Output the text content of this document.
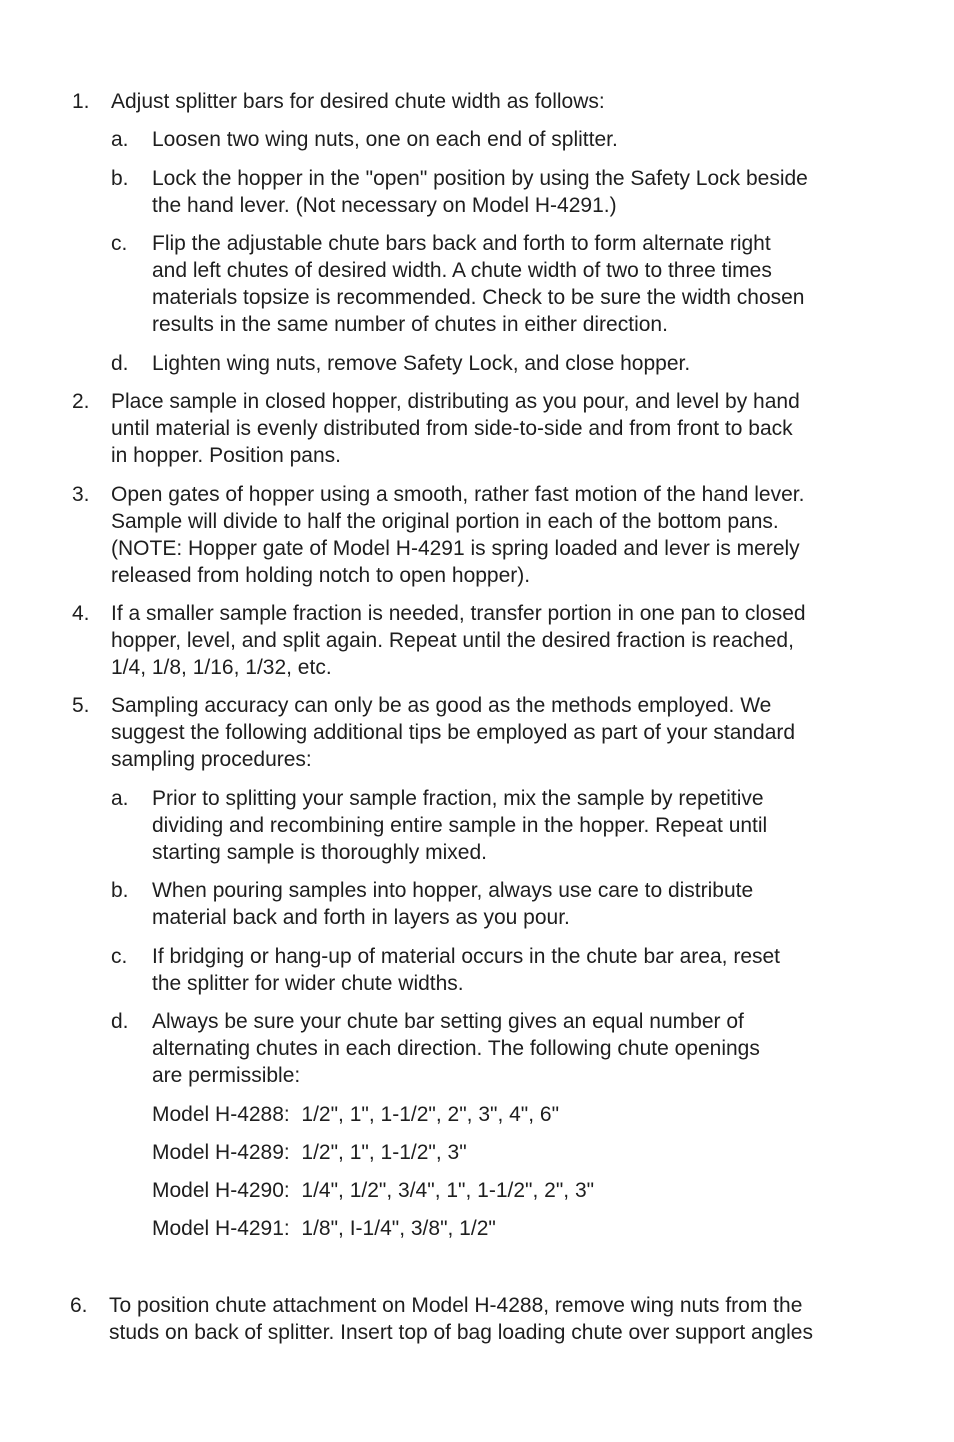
1. Adjust splitter bars for desired chute width as follows:
a. Loosen two wing nuts, one on each end of splitter.
b. Lock the hopper in the "open" position by using the Safety Lock beside
the hand lever. (Not necessary on Model H-4291.)
c. Flip the adjustable chute bars back and forth to form alternate right
and left chutes of desired width. A chute width of two to three times
materials topsize is recommended. Check to be sure the width chosen
results in the same number of chutes in either direction.
d. Lighten wing nuts, remove Safety Lock, and close hopper.
2. Place sample in closed hopper, distributing as you pour, and level by hand
until material is evenly distributed from side-to-side and from front to back
in hopper. Position pans.
3. Open gates of hopper using a smooth, rather fast motion of the hand lever.
Sample will divide to half the original portion in each of the bottom pans.
(NOTE: Hopper gate of Model H-4291 is spring loaded and lever is merely
released from holding notch to open hopper).
4. If a smaller sample fraction is needed, transfer portion in one pan to closed
hopper, level, and split again. Repeat until the desired fraction is reached,
1/4, 1/8, 1/16, 1/32, etc.
5. Sampling accuracy can only be as good as the methods employed. We
suggest the following additional tips be employed as part of your standard
sampling procedures:
a. Prior to splitting your sample fraction, mix the sample by repetitive
dividing and recombining entire sample in the hopper. Repeat until
starting sample is thoroughly mixed.
b. When pouring samples into hopper, always use care to distribute
material back and forth in layers as you pour.
c. If bridging or hang-up of material occurs in the chute bar area, reset
the splitter for wider chute widths.
d. Always be sure your chute bar setting gives an equal number of
alternating chutes in each direction. The following chute openings
are permissible:
Model H-4288:  1/2", 1", 1-1/2", 2", 3", 4", 6"
Model H-4289:  1/2", 1", 1-1/2", 3"
Model H-4290:  1/4", 1/2", 3/4", 1", 1-1/2", 2", 3"
Model H-4291:  1/8", I-1/4", 3/8", 1/2"
6. To position chute attachment on Model H-4288, remove wing nuts from the
studs on back of splitter. Insert top of bag loading chute over support angles
